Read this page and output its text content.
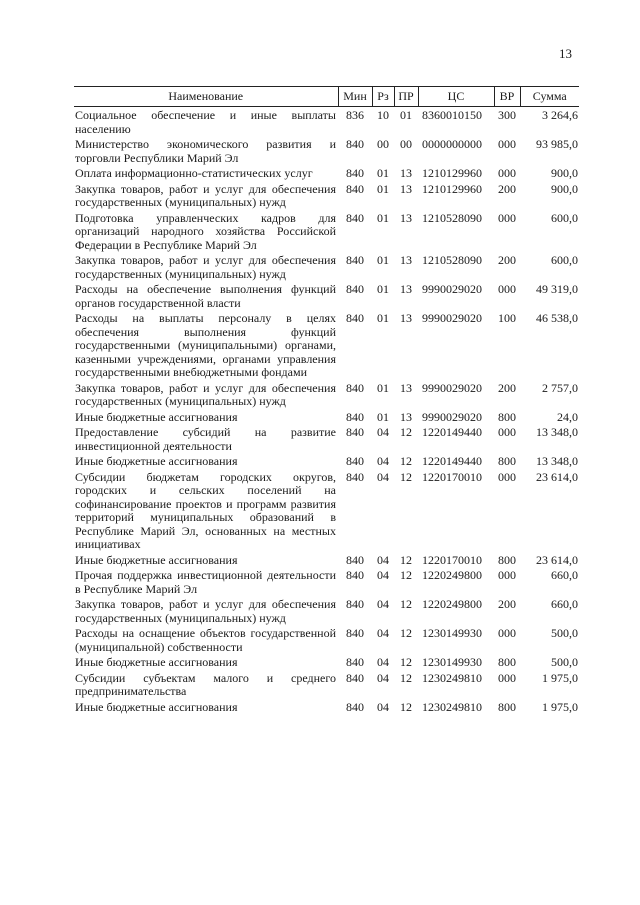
13
Наименование	Мин	Рз	ПР	ЦС	ВР	Сумма
Социальное обеспечение и иные выплаты населению	836	10	01	8360010150	300	3 264,6
Министерство экономического развития и торговли Республики Марий Эл	840	00	00	0000000000	000	93 985,0
Оплата информационно-статистических услуг	840	01	13	1210129960	000	900,0
Закупка товаров, работ и услуг для обеспечения государственных (муниципальных) нужд	840	01	13	1210129960	200	900,0
Подготовка управленческих кадров для организаций народного хозяйства Российской Федерации в Республике Марий Эл	840	01	13	1210528090	000	600,0
Закупка товаров, работ и услуг для обеспечения государственных (муниципальных) нужд	840	01	13	1210528090	200	600,0
Расходы на обеспечение выполнения функций органов государственной власти	840	01	13	9990029020	000	49 319,0
Расходы на выплаты персоналу в целях обеспечения выполнения функций государственными (муниципальными) органами, казенными учреждениями, органами управления государственными внебюджетными фондами	840	01	13	9990029020	100	46 538,0
Закупка товаров, работ и услуг для обеспечения государственных (муниципальных) нужд	840	01	13	9990029020	200	2 757,0
Иные бюджетные ассигнования	840	01	13	9990029020	800	24,0
Предоставление субсидий на развитие инвестиционной деятельности	840	04	12	1220149440	000	13 348,0
Иные бюджетные ассигнования	840	04	12	1220149440	800	13 348,0
Субсидии бюджетам городских округов, городских и сельских поселений на софинансирование проектов и программ развития территорий муниципальных образований в Республике Марий Эл, основанных на местных инициативах	840	04	12	1220170010	000	23 614,0
Иные бюджетные ассигнования	840	04	12	1220170010	800	23 614,0
Прочая поддержка инвестиционной деятельности в Республике Марий Эл	840	04	12	1220249800	000	660,0
Закупка товаров, работ и услуг для обеспечения государственных (муниципальных) нужд	840	04	12	1220249800	200	660,0
Расходы на оснащение объектов государственной (муниципальной) собственности	840	04	12	1230149930	000	500,0
Иные бюджетные ассигнования	840	04	12	1230149930	800	500,0
Субсидии субъектам малого и среднего предпринимательства	840	04	12	1230249810	000	1 975,0
Иные бюджетные ассигнования	840	04	12	1230249810	800	1 975,0
